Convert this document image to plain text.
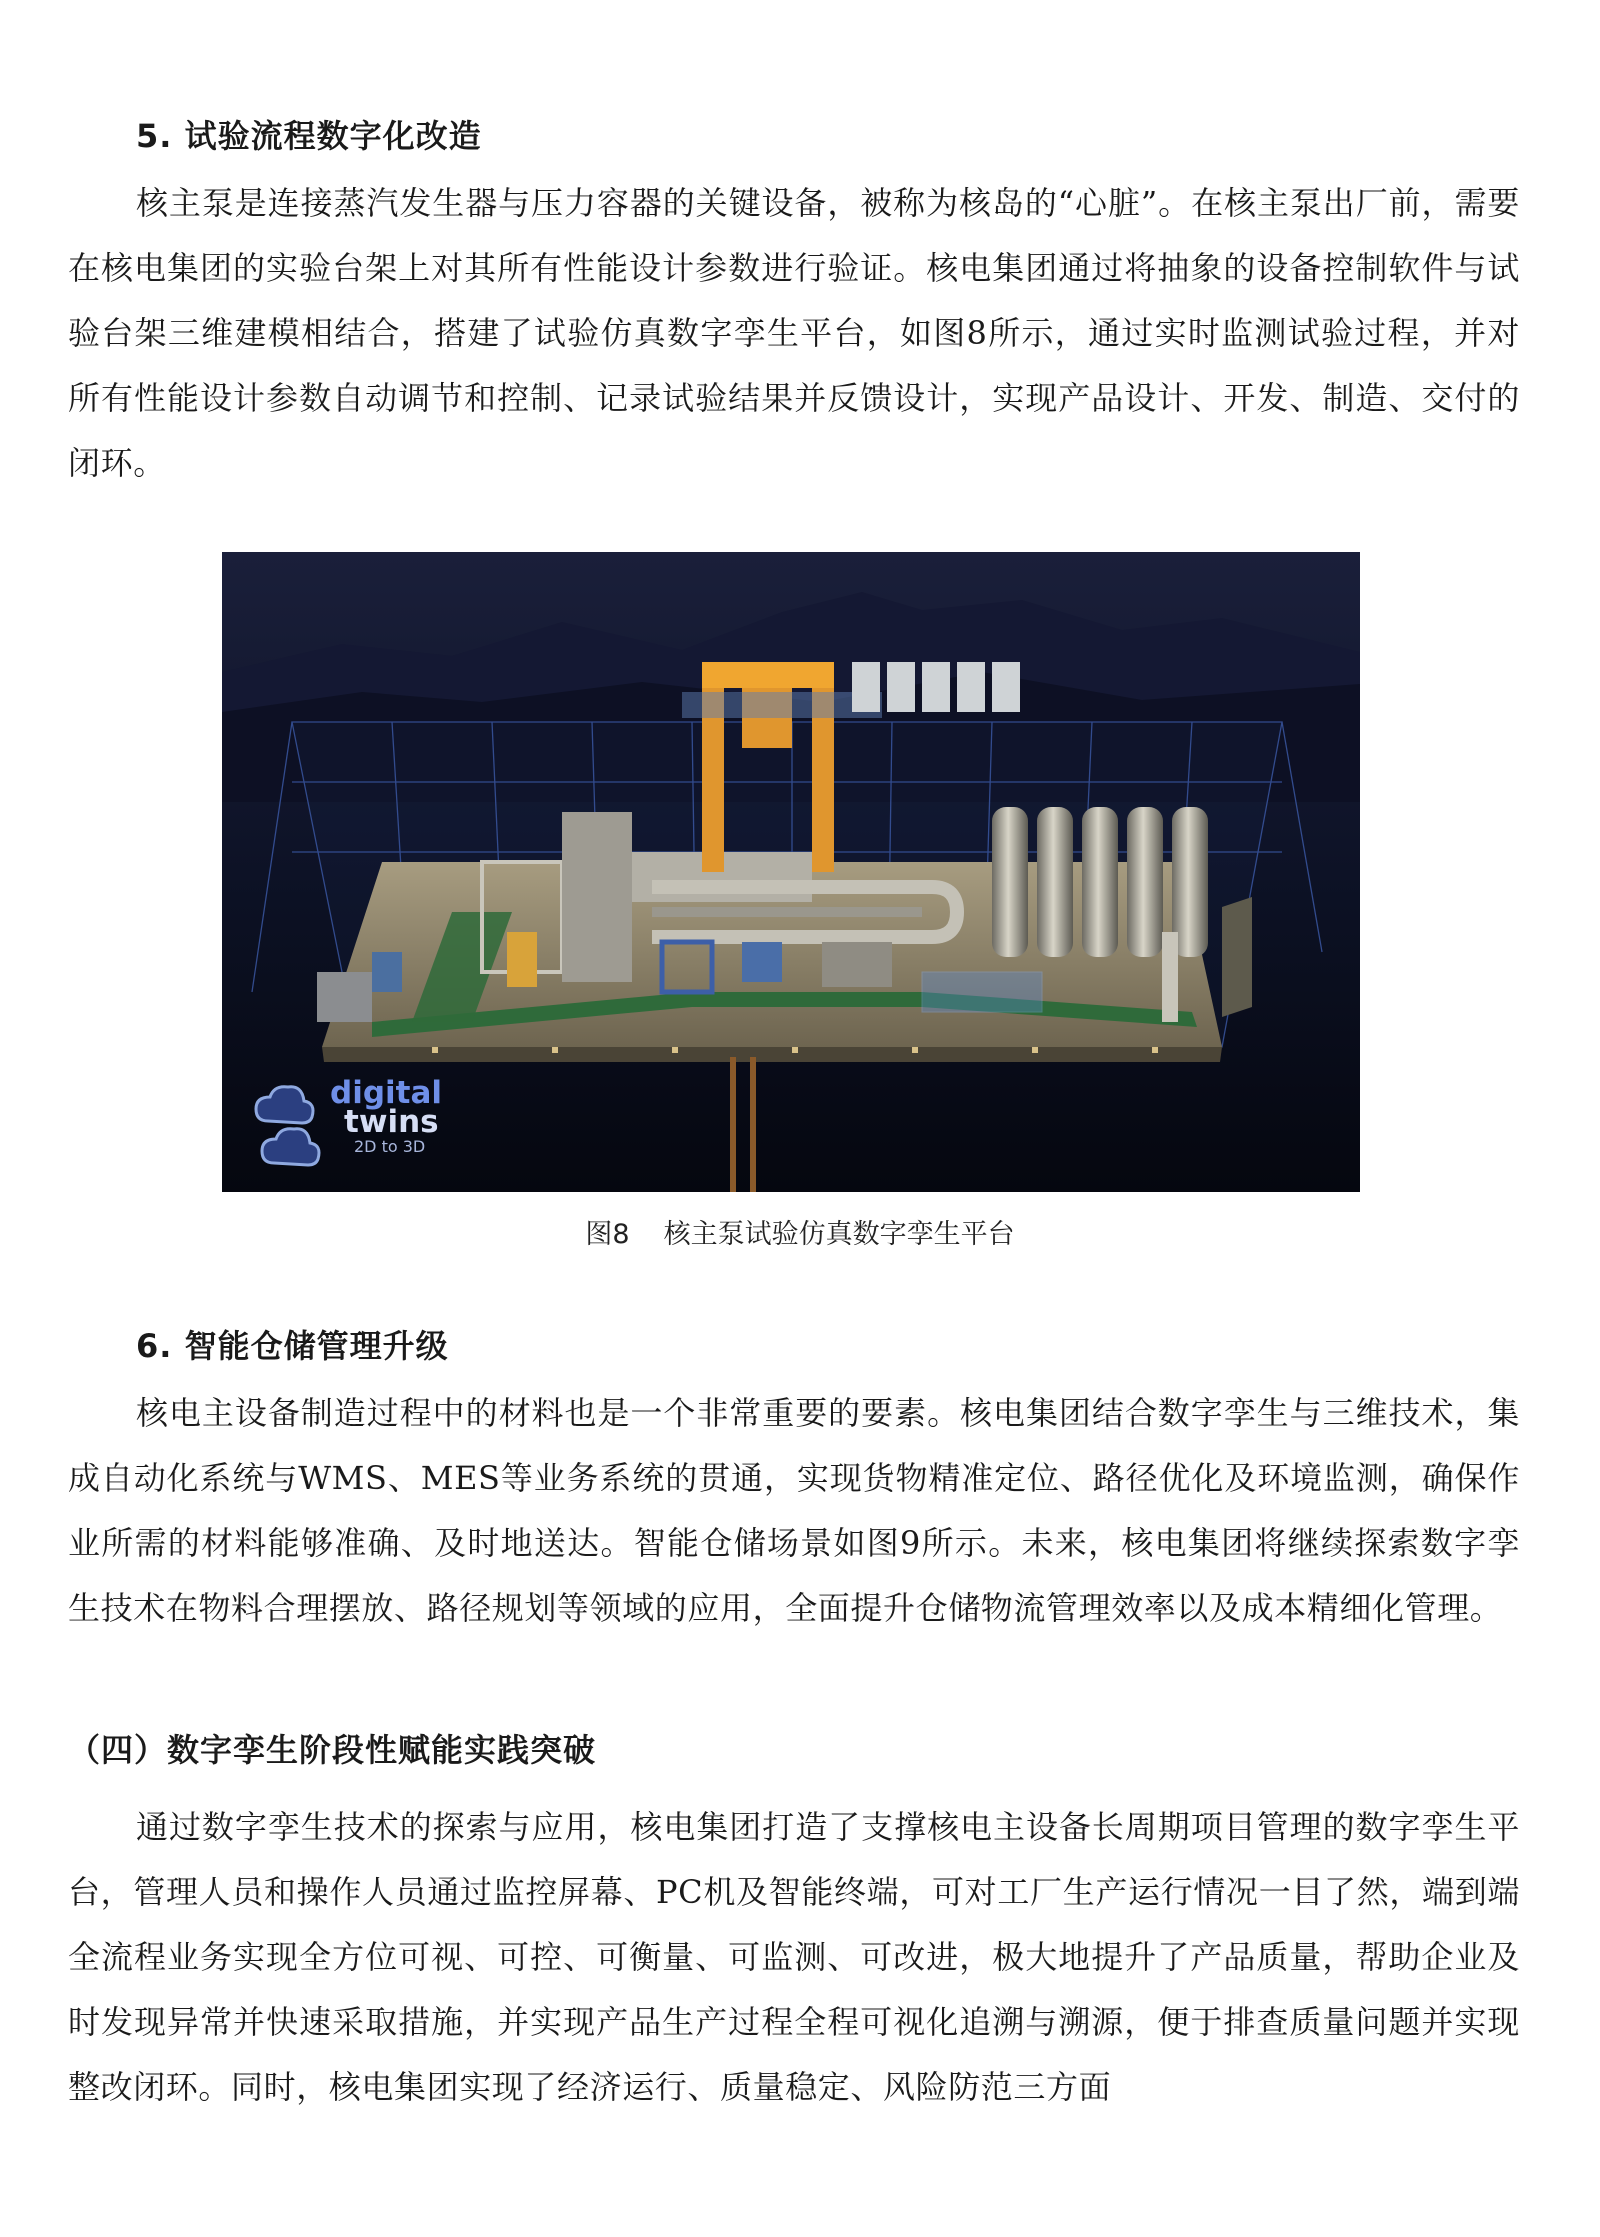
5. 试验流程数字化改造

核主泵是连接蒸汽发生器与压力容器的关键设备，被称为核岛的“心脏”。在核主泵出厂前，需要在核电集团的实验台架上对其所有性能设计参数进行验证。核电集团通过将抽象的设备控制软件与试验台架三维建模相结合，搭建了试验仿真数字孪生平台，如图8所示，通过实时监测试验过程，并对所有性能设计参数自动调节和控制、记录试验结果并反馈设计，实现产品设计、开发、制造、交付的闭环。

digital
twins
2D to 3D

图8 核主泵试验仿真数字孪生平台

6. 智能仓储管理升级

核电主设备制造过程中的材料也是一个非常重要的要素。核电集团结合数字孪生与三维技术，集成自动化系统与WMS、MES等业务系统的贯通，实现货物精准定位、路径优化及环境监测，确保作业所需的材料能够准确、及时地送达。智能仓储场景如图9所示。未来，核电集团将继续探索数字孪生技术在物料合理摆放、路径规划等领域的应用，全面提升仓储物流管理效率以及成本精细化管理。

（四）数字孪生阶段性赋能实践突破

通过数字孪生技术的探索与应用，核电集团打造了支撑核电主设备长周期项目管理的数字孪生平台，管理人员和操作人员通过监控屏幕、PC机及智能终端，可对工厂生产运行情况一目了然，端到端全流程业务实现全方位可视、可控、可衡量、可监测、可改进，极大地提升了产品质量，帮助企业及时发现异常并快速采取措施，并实现产品生产过程全程可视化追溯与溯源，便于排查质量问题并实现整改闭环。同时，核电集团实现了经济运行、质量稳定、风险防范三方面
